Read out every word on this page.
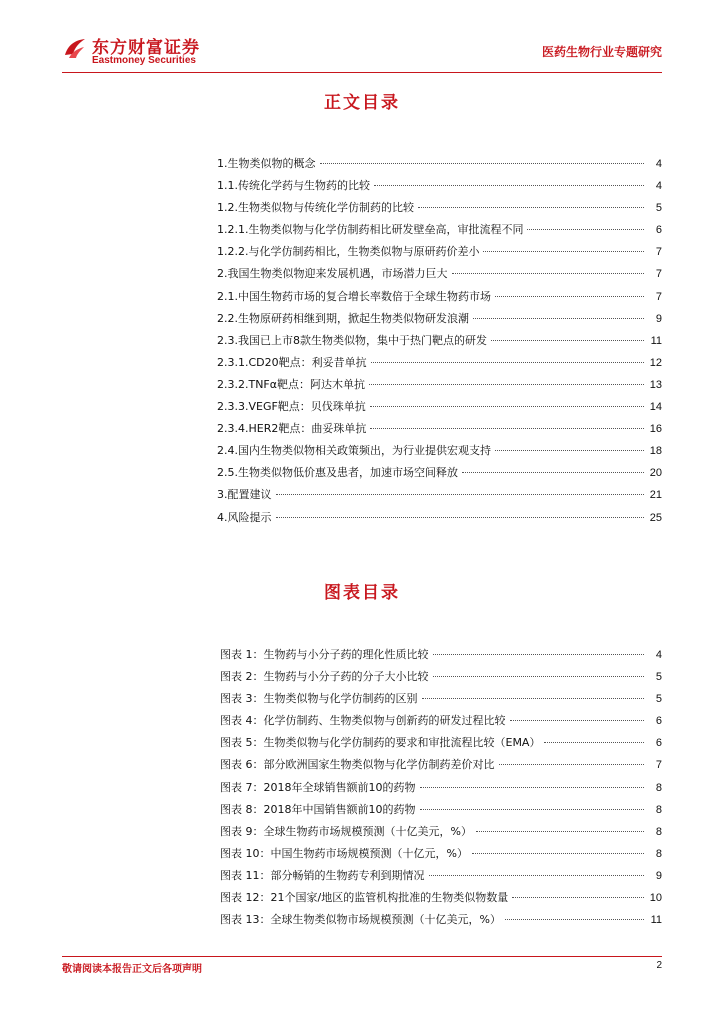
东方财富证券
Eastmoney Securities
医药生物行业专题研究
正文目录
1.生物类似物的概念	4
1.1.传统化学药与生物药的比较	4
1.2.生物类似物与传统化学仿制药的比较	5
1.2.1.生物类似物与化学仿制药相比研发壁垒高，审批流程不同	6
1.2.2.与化学仿制药相比，生物类似物与原研药价差小	7
2.我国生物类似物迎来发展机遇，市场潜力巨大	7
2.1.中国生物药市场的复合增长率数倍于全球生物药市场	7
2.2.生物原研药相继到期，掀起生物类似物研发浪潮	9
2.3.我国已上市8款生物类似物，集中于热门靶点的研发	11
2.3.1.CD20靶点：利妥昔单抗	12
2.3.2.TNFα靶点：阿达木单抗	13
2.3.3.VEGF靶点：贝伐珠单抗	14
2.3.4.HER2靶点：曲妥珠单抗	16
2.4.国内生物类似物相关政策频出，为行业提供宏观支持	18
2.5.生物类似物低价惠及患者，加速市场空间释放	20
3.配置建议	21
4.风险提示	25
图表目录
图表 1：生物药与小分子药的理化性质比较	4
图表 2：生物药与小分子药的分子大小比较	5
图表 3：生物类似物与化学仿制药的区别	5
图表 4：化学仿制药、生物类似物与创新药的研发过程比较	6
图表 5：生物类似物与化学仿制药的要求和审批流程比较（EMA）	6
图表 6：部分欧洲国家生物类似物与化学仿制药差价对比	7
图表 7：2018年全球销售额前10的药物	8
图表 8：2018年中国销售额前10的药物	8
图表 9：全球生物药市场规模预测（十亿美元，%）	8
图表 10：中国生物药市场规模预测（十亿元，%）	8
图表 11：部分畅销的生物药专利到期情况	9
图表 12：21个国家/地区的监管机构批准的生物类似物数量	10
图表 13：全球生物类似物市场规模预测（十亿美元，%）	11
敬请阅读本报告正文后各项声明	2
